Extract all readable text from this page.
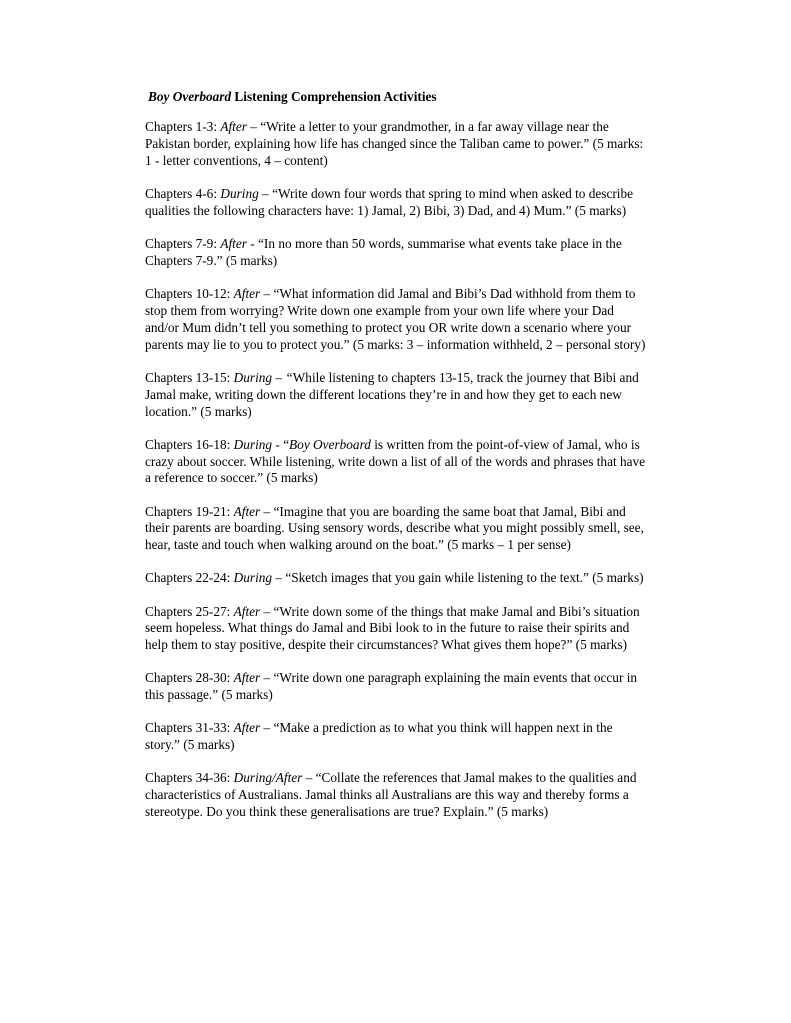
Boy Overboard Listening Comprehension Activities

Chapters 1-3: After – “Write a letter to your grandmother, in a far away village near the Pakistan border, explaining how life has changed since the Taliban came to power.” (5 marks: 1 - letter conventions, 4 – content)

Chapters 4-6: During – “Write down four words that spring to mind when asked to describe qualities the following characters have: 1) Jamal, 2) Bibi, 3) Dad, and 4) Mum.” (5 marks)

Chapters 7-9: After - “In no more than 50 words, summarise what events take place in the Chapters 7-9.” (5 marks)

Chapters 10-12: After – “What information did Jamal and Bibi’s Dad withhold from them to stop them from worrying? Write down one example from your own life where your Dad and/or Mum didn’t tell you something to protect you OR write down a scenario where your parents may lie to you to protect you.” (5 marks: 3 – information withheld, 2 – personal story)

Chapters 13-15: During – “While listening to chapters 13-15, track the journey that Bibi and Jamal make, writing down the different locations they’re in and how they get to each new location.” (5 marks)

Chapters 16-18: During - “Boy Overboard is written from the point-of-view of Jamal, who is crazy about soccer. While listening, write down a list of all of the words and phrases that have a reference to soccer.” (5 marks)

Chapters 19-21: After – “Imagine that you are boarding the same boat that Jamal, Bibi and their parents are boarding. Using sensory words, describe what you might possibly smell, see, hear, taste and touch when walking around on the boat.” (5 marks – 1 per sense)

Chapters 22-24: During – “Sketch images that you gain while listening to the text.” (5 marks)

Chapters 25-27: After – “Write down some of the things that make Jamal and Bibi’s situation seem hopeless. What things do Jamal and Bibi look to in the future to raise their spirits and help them to stay positive, despite their circumstances? What gives them hope?” (5 marks)

Chapters 28-30: After – “Write down one paragraph explaining the main events that occur in this passage.” (5 marks)

Chapters 31-33: After – “Make a prediction as to what you think will happen next in the story.” (5 marks)

Chapters 34-36: During/After – “Collate the references that Jamal makes to the qualities and characteristics of Australians. Jamal thinks all Australians are this way and thereby forms a stereotype. Do you think these generalisations are true? Explain.” (5 marks)
